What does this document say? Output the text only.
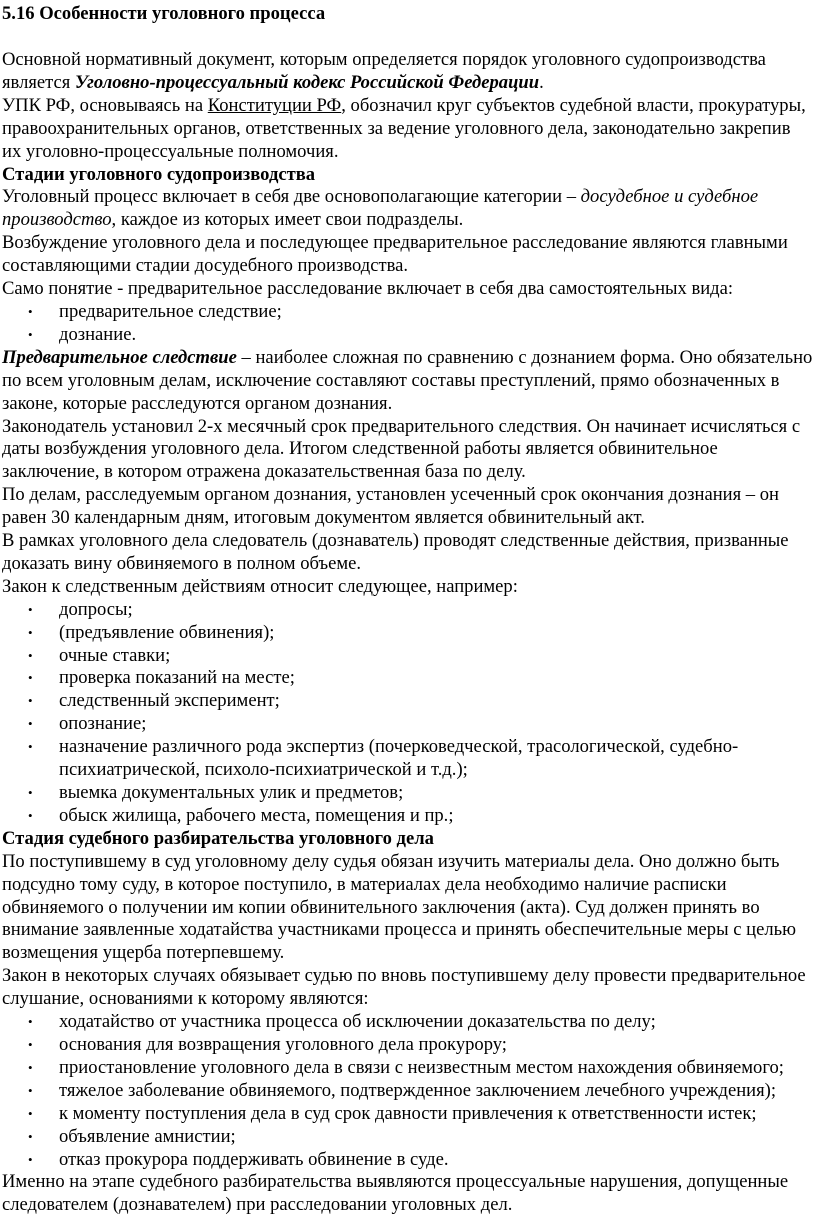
5.16 Особенности уголовного процесса

Основной нормативный документ, которым определяется порядок уголовного судопроизводства является Уголовно-процессуальный кодекс Российской Федерации.

УПК РФ, основываясь на Конституции РФ, обозначил круг субъектов судебной власти, прокуратуры, правоохранительных органов, ответственных за ведение уголовного дела, законодательно закрепив их уголовно-процессуальные полномочия.

Стадии уголовного судопроизводства

Уголовный процесс включает в себя две основополагающие категории – досудебное и судебное производство, каждое из которых имеет свои подразделы.

Возбуждение уголовного дела и последующее предварительное расследование являются главными составляющими стадии досудебного производства.

Само понятие - предварительное расследование включает в себя два самостоятельных вида:

• предварительное следствие;
• дознание.

Предварительное следствие – наиболее сложная по сравнению с дознанием форма. Оно обязательно по всем уголовным делам, исключение составляют составы преступлений, прямо обозначенных в законе, которые расследуются органом дознания.

Законодатель установил 2-х месячный срок предварительного следствия. Он начинает исчисляться с даты возбуждения уголовного дела. Итогом следственной работы является обвинительное заключение, в котором отражена доказательственная база по делу.

По делам, расследуемым органом дознания, установлен усеченный срок окончания дознания – он равен 30 календарным дням, итоговым документом является обвинительный акт.

В рамках уголовного дела следователь (дознаватель) проводят следственные действия, призванные доказать вину обвиняемого в полном объеме.

Закон к следственным действиям относит следующее, например:

• допросы;
• (предъявление обвинения);
• очные ставки;
• проверка показаний на месте;
• следственный эксперимент;
• опознание;
• назначение различного рода экспертиз (почерковедческой, трасологической, судебно-психиатрической, психоло-психиатрической и т.д.);
• выемка документальных улик и предметов;
• обыск жилища, рабочего места, помещения и пр.;

Стадия судебного разбирательства уголовного дела

По поступившему в суд уголовному делу судья обязан изучить материалы дела. Оно должно быть подсудно тому суду, в которое поступило, в материалах дела необходимо наличие расписки обвиняемого о получении им копии обвинительного заключения (акта). Суд должен принять во внимание заявленные ходатайства участниками процесса и принять обеспечительные меры с целью возмещения ущерба потерпевшему.

Закон в некоторых случаях обязывает судью по вновь поступившему делу провести предварительное слушание, основаниями к которому являются:

• ходатайство от участника процесса об исключении доказательства по делу;
• основания для возвращения уголовного дела прокурору;
• приостановление уголовного дела в связи с неизвестным местом нахождения обвиняемого;
• тяжелое заболевание обвиняемого, подтвержденное заключением лечебного учреждения);
• к моменту поступления дела в суд срок давности привлечения к ответственности истек;
• объявление амнистии;
• отказ прокурора поддерживать обвинение в суде.

Именно на этапе судебного разбирательства выявляются процессуальные нарушения, допущенные следователем (дознавателем) при расследовании уголовных дел.
